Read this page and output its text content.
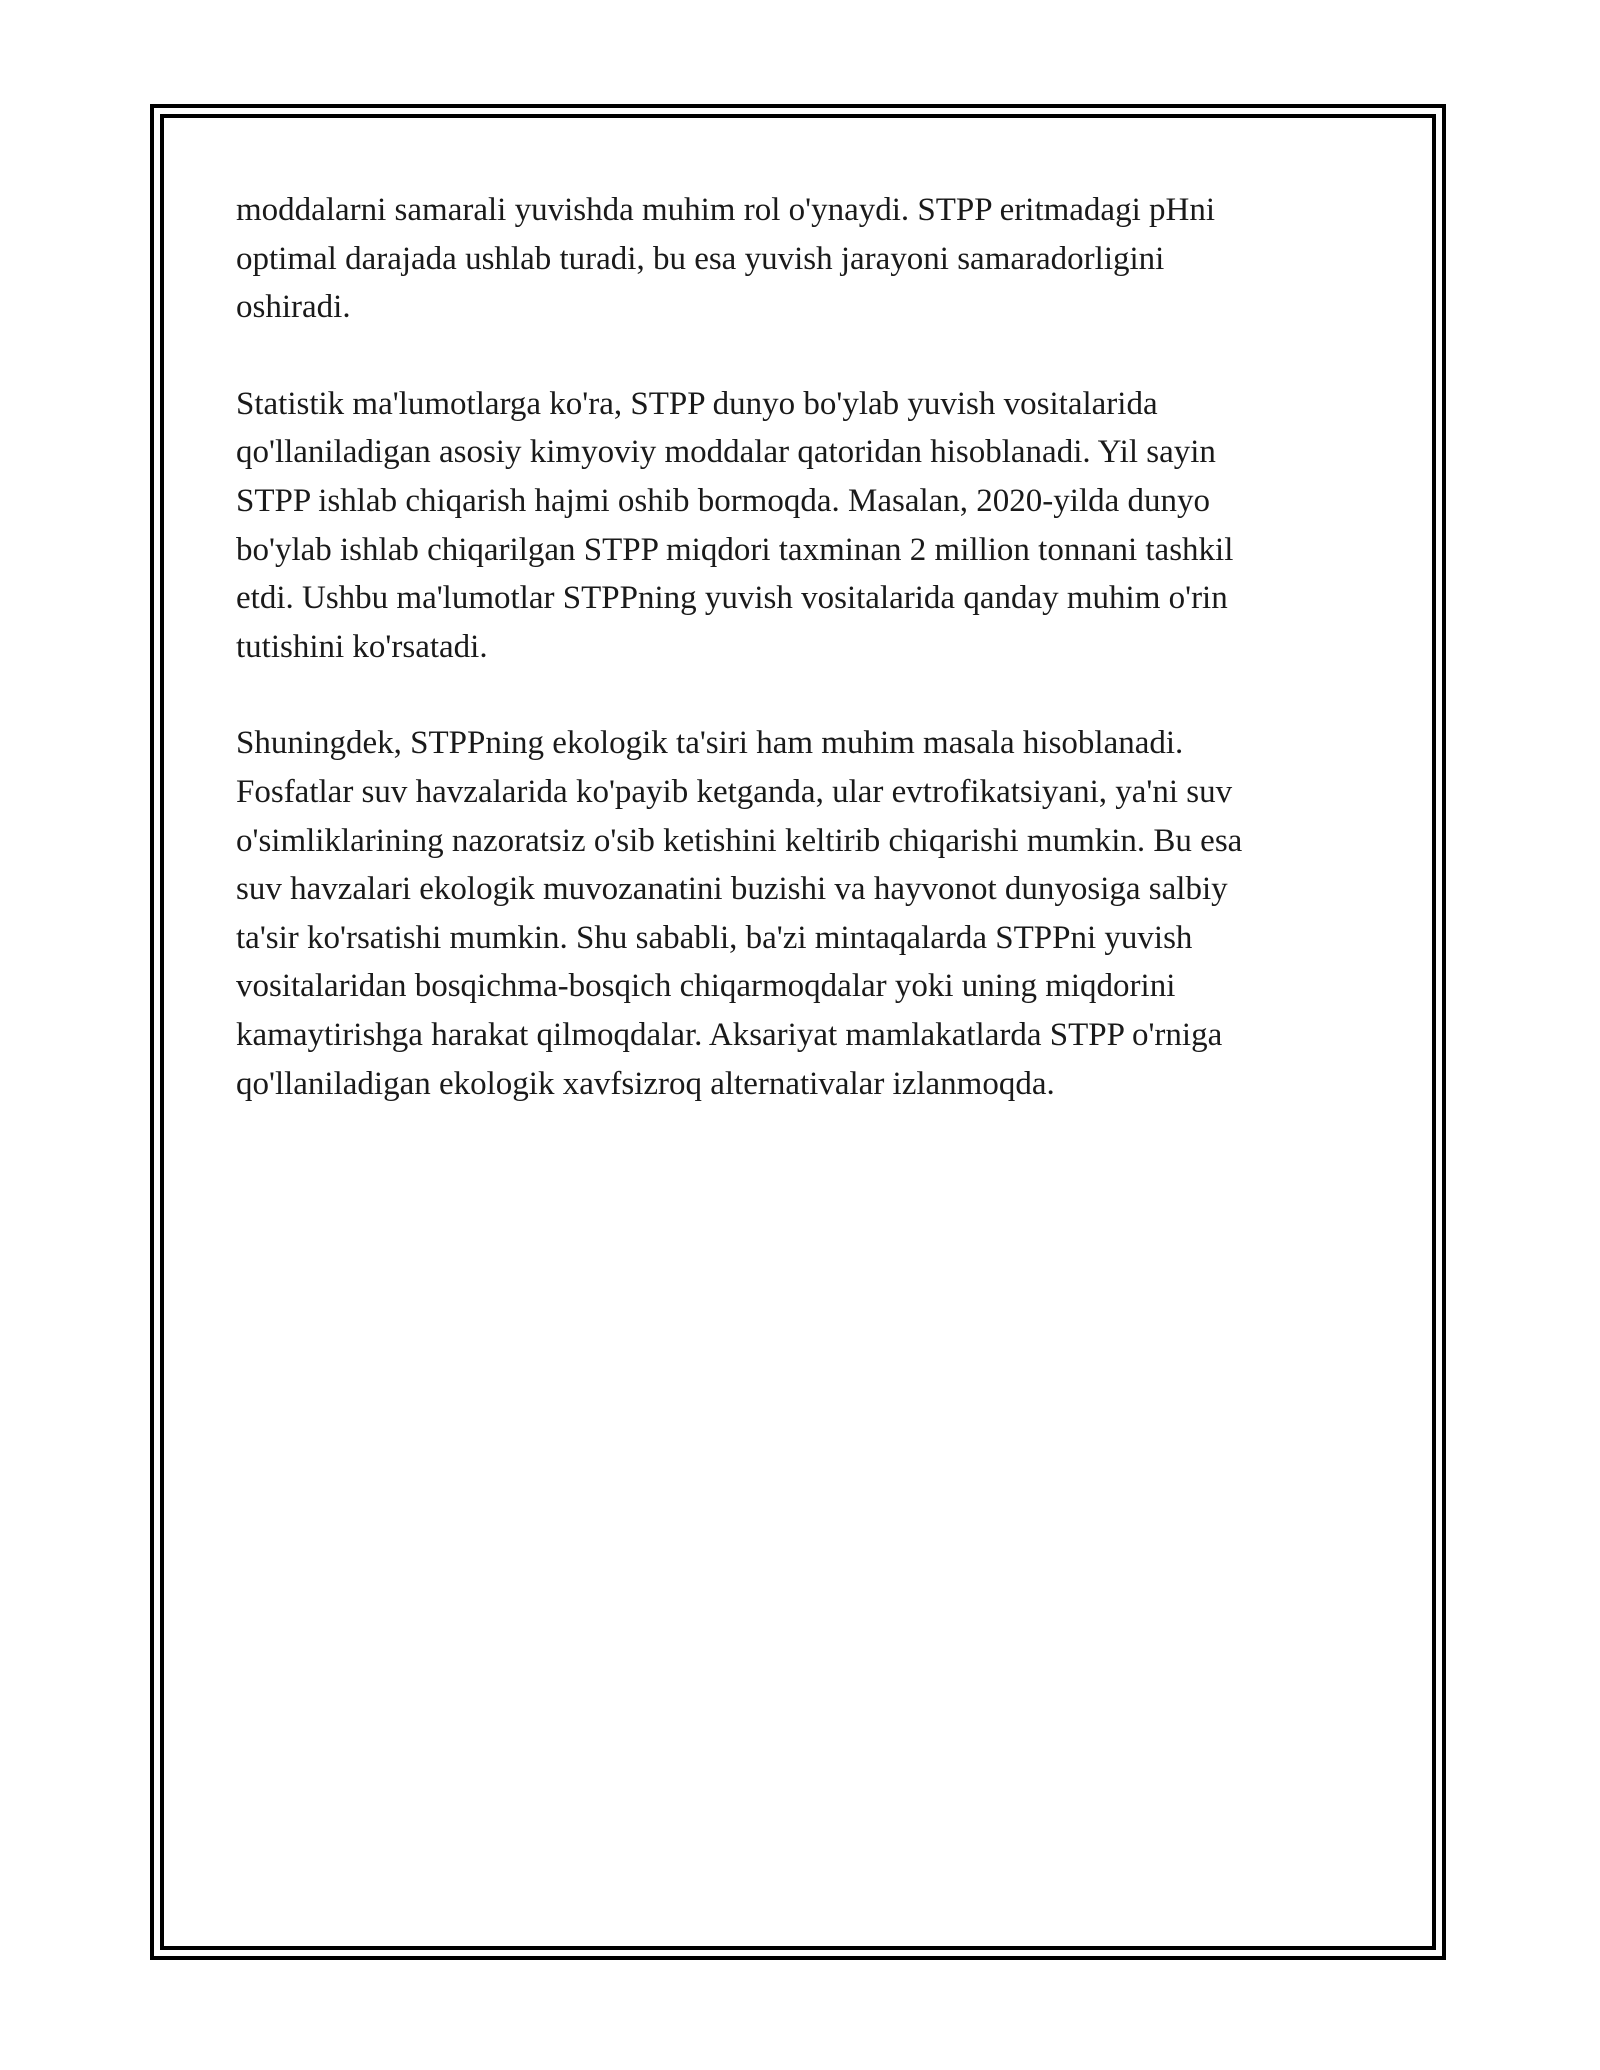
moddalarni samarali yuvishda muhim rol o'ynaydi. STPP eritmadagi pHni
optimal darajada ushlab turadi, bu esa yuvish jarayoni samaradorligini
oshiradi.

Statistik ma'lumotlarga ko'ra, STPP dunyo bo'ylab yuvish vositalarida
qo'llaniladigan asosiy kimyoviy moddalar qatoridan hisoblanadi. Yil sayin
STPP ishlab chiqarish hajmi oshib bormoqda. Masalan, 2020-yilda dunyo
bo'ylab ishlab chiqarilgan STPP miqdori taxminan 2 million tonnani tashkil
etdi. Ushbu ma'lumotlar STPPning yuvish vositalarida qanday muhim o'rin
tutishini ko'rsatadi.

Shuningdek, STPPning ekologik ta'siri ham muhim masala hisoblanadi.
Fosfatlar suv havzalarida ko'payib ketganda, ular evtrofikatsiyani, ya'ni suv
o'simliklarining nazoratsiz o'sib ketishini keltirib chiqarishi mumkin. Bu esa
suv havzalari ekologik muvozanatini buzishi va hayvonot dunyosiga salbiy
ta'sir ko'rsatishi mumkin. Shu sababli, ba'zi mintaqalarda STPPni yuvish
vositalaridan bosqichma-bosqich chiqarmoqdalar yoki uning miqdorini
kamaytirishga harakat qilmoqdalar. Aksariyat mamlakatlarda STPP o'rniga
qo'llaniladigan ekologik xavfsizroq alternativalar izlanmoqda.
